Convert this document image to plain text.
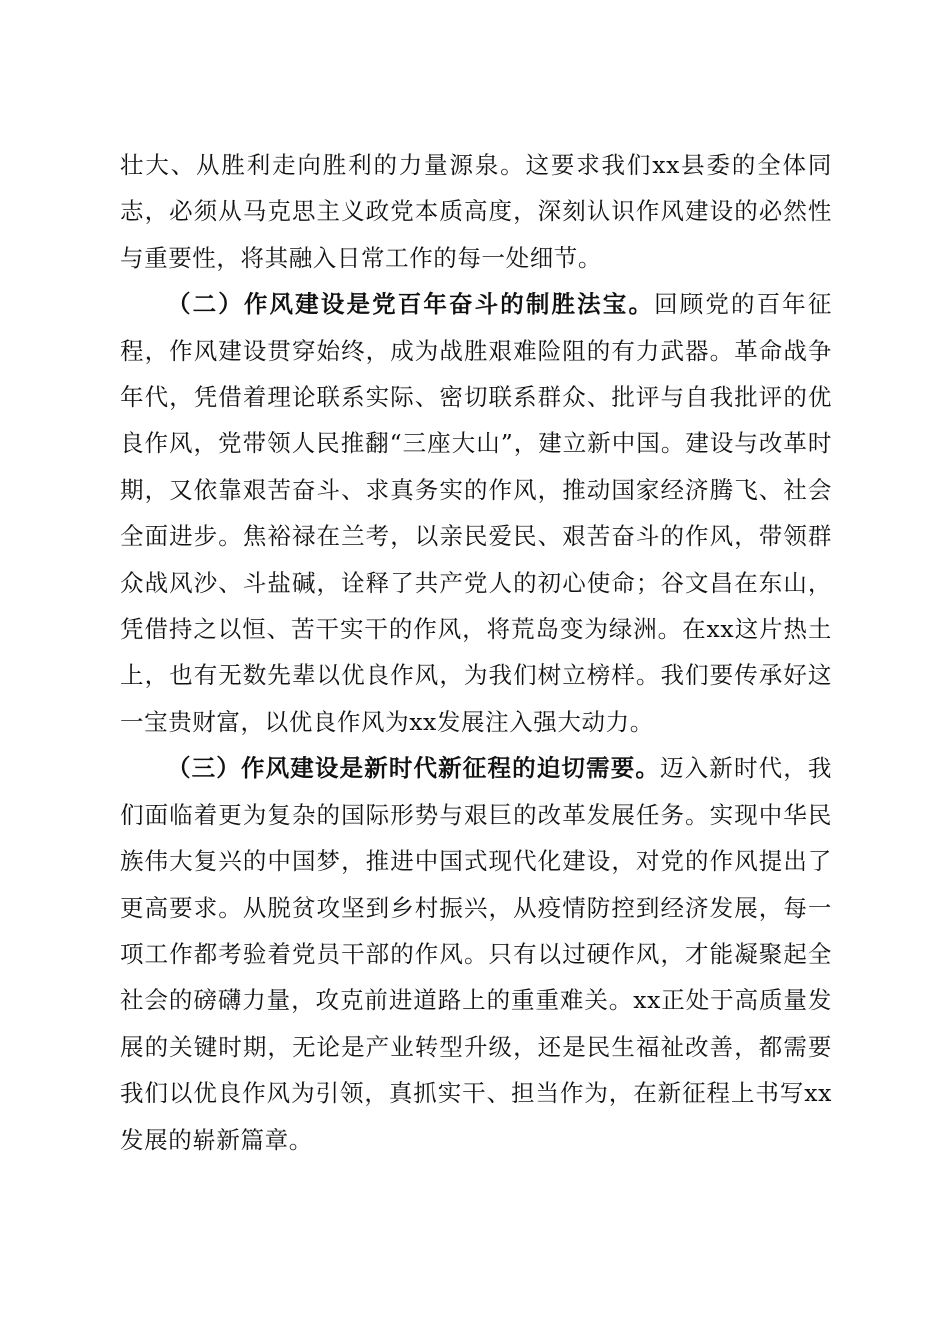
壮大、从胜利走向胜利的力量源泉。这要求我们xx县委的全体同志，必须从马克思主义政党本质高度，深刻认识作风建设的必然性与重要性，将其融入日常工作的每一处细节。

（二）作风建设是党百年奋斗的制胜法宝。回顾党的百年征程，作风建设贯穿始终，成为战胜艰难险阻的有力武器。革命战争年代，凭借着理论联系实际、密切联系群众、批评与自我批评的优良作风，党带领人民推翻“三座大山”，建立新中国。建设与改革时期，又依靠艰苦奋斗、求真务实的作风，推动国家经济腾飞、社会全面进步。焦裕禄在兰考，以亲民爱民、艰苦奋斗的作风，带领群众战风沙、斗盐碱，诠释了共产党人的初心使命；谷文昌在东山，凭借持之以恒、苦干实干的作风，将荒岛变为绿洲。在xx这片热土上，也有无数先辈以优良作风，为我们树立榜样。我们要传承好这一宝贵财富，以优良作风为xx发展注入强大动力。

（三）作风建设是新时代新征程的迫切需要。迈入新时代，我们面临着更为复杂的国际形势与艰巨的改革发展任务。实现中华民族伟大复兴的中国梦，推进中国式现代化建设，对党的作风提出了更高要求。从脱贫攻坚到乡村振兴，从疫情防控到经济发展，每一项工作都考验着党员干部的作风。只有以过硬作风，才能凝聚起全社会的磅礴力量，攻克前进道路上的重重难关。xx正处于高质量发展的关键时期，无论是产业转型升级，还是民生福祉改善，都需要我们以优良作风为引领，真抓实干、担当作为，在新征程上书写xx发展的崭新篇章。
